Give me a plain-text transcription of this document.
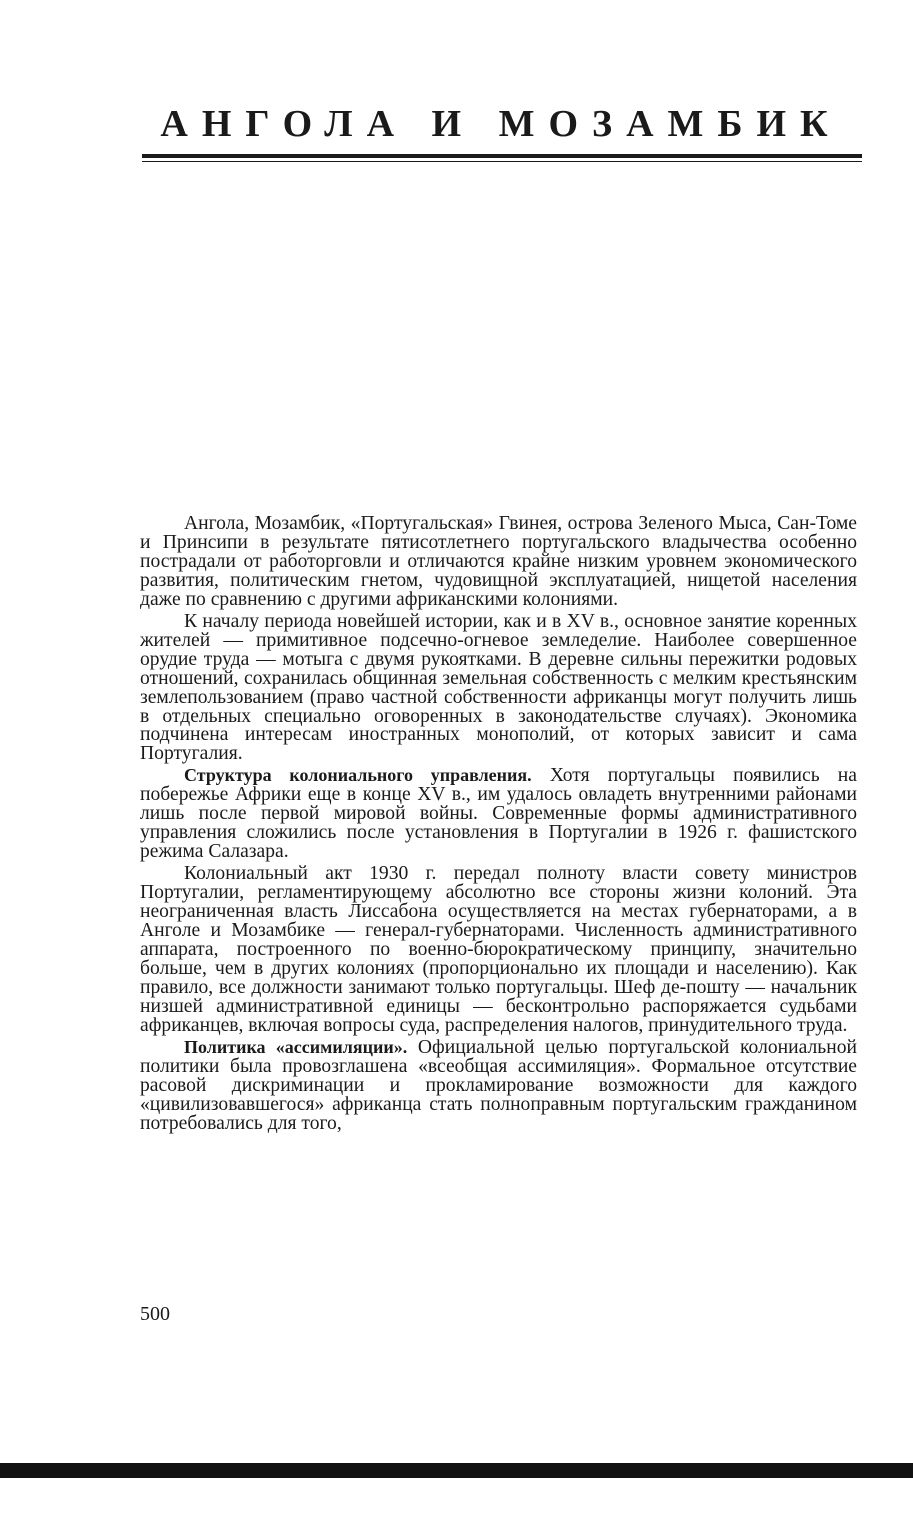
АНГОЛА И МОЗАМБИК

Ангола, Мозамбик, «Португальская» Гвинея, острова Зеленого Мыса, Сан-Томе и Принсипи в результате пятисотлетнего португальского владычества особенно пострадали от работорговли и отличаются крайне низким уровнем экономического развития, политическим гнетом, чудовищной эксплуатацией, нищетой населения даже по сравнению с другими африканскими колониями.

К началу периода новейшей истории, как и в XV в., основное занятие коренных жителей — примитивное подсечно-огневое земледелие. Наиболее совершенное орудие труда — мотыга с двумя рукоятками. В деревне сильны пережитки родовых отношений, сохранилась общинная земельная собственность с мелким крестьянским землепользованием (право частной собственности африканцы могут получить лишь в отдельных специально оговоренных в законодательстве случаях). Экономика подчинена интересам иностранных монополий, от которых зависит и сама Португалия.

Структура колониального управления. Хотя португальцы появились на побережье Африки еще в конце XV в., им удалось овладеть внутренними районами лишь после первой мировой войны. Современные формы административного управления сложились после установления в Португалии в 1926 г. фашистского режима Салазара.

Колониальный акт 1930 г. передал полноту власти совету министров Португалии, регламентирующему абсолютно все стороны жизни колоний. Эта неограниченная власть Лиссабона осуществляется на местах губернаторами, а в Анголе и Мозамбике — генерал-губернаторами. Численность административного аппарата, построенного по военно-бюрократическому принципу, значительно больше, чем в других колониях (пропорционально их площади и населению). Как правило, все должности занимают только португальцы. Шеф де-пошту — начальник низшей административной единицы — бесконтрольно распоряжается судьбами африканцев, включая вопросы суда, распределения налогов, принудительного труда.

Политика «ассимиляции». Официальной целью португальской колониальной политики была провозглашена «всеобщая ассимиляция». Формальное отсутствие расовой дискриминации и прокламирование возможности для каждого «цивилизовавшегося» африканца стать полноправным португальским гражданином потребовались для того,

500
